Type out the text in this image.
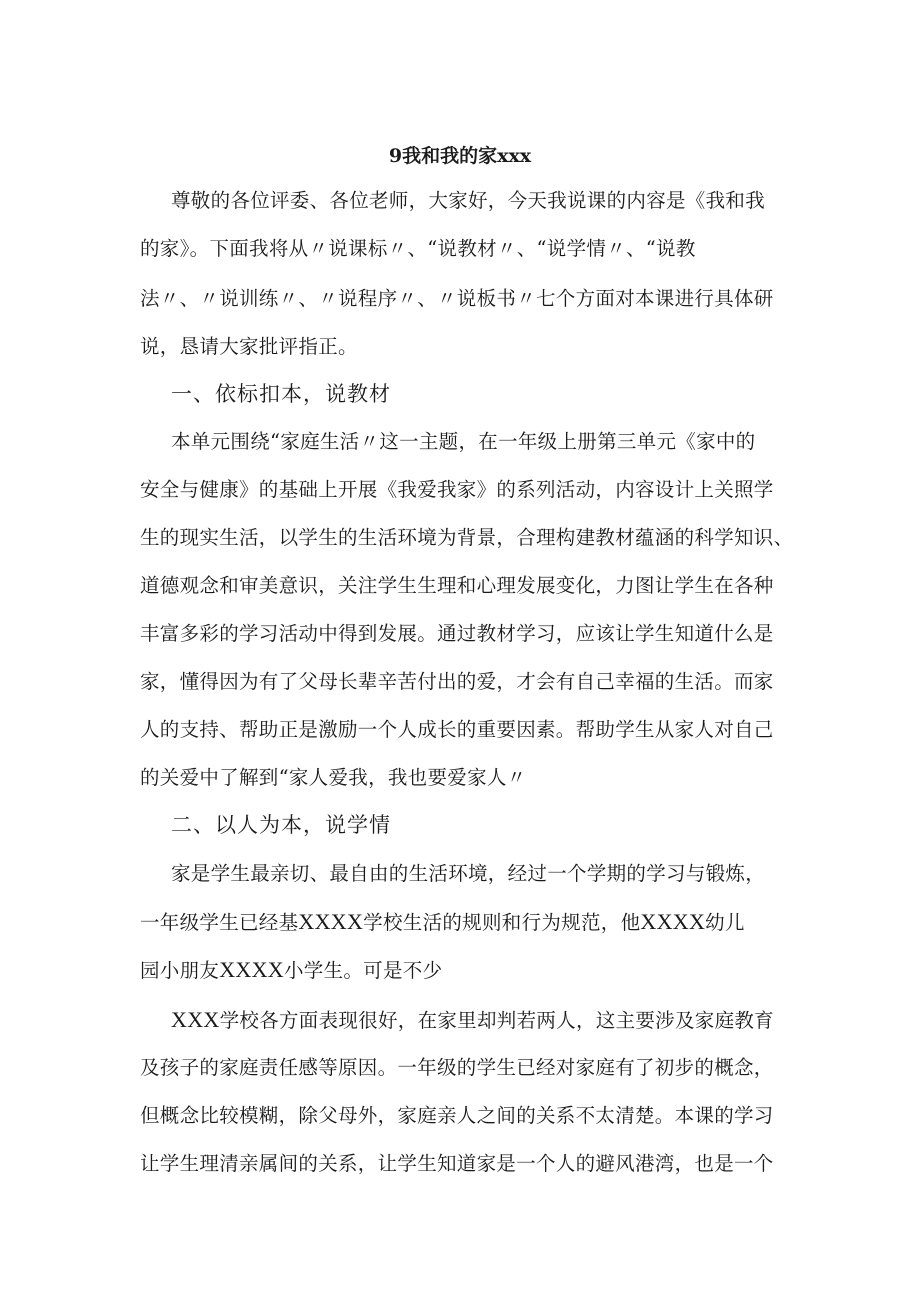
9我和我的家xxx
尊敬的各位评委、各位老师，大家好，今天我说课的内容是《我和我
的家》。下面我将从〃说课标〃、“说教材〃、“说学情〃、“说教
法〃、〃说训练〃、〃说程序〃、〃说板书〃七个方面对本课进行具体研
说，恳请大家批评指正。
一、依标扣本，说教材
本单元围绕“家庭生活〃这一主题，在一年级上册第三单元《家中的
安全与健康》的基础上开展《我爱我家》的系列活动，内容设计上关照学
生的现实生活，以学生的生活环境为背景，合理构建教材蕴涵的科学知识、
道德观念和审美意识，关注学生生理和心理发展变化，力图让学生在各种
丰富多彩的学习活动中得到发展。通过教材学习，应该让学生知道什么是
家，懂得因为有了父母长辈辛苦付出的爱，才会有自己幸福的生活。而家
人的支持、帮助正是激励一个人成长的重要因素。帮助学生从家人对自己
的关爱中了解到“家人爱我，我也要爱家人〃
二、以人为本，说学情
家是学生最亲切、最自由的生活环境，经过一个学期的学习与锻炼，
一年级学生已经基XXXX学校生活的规则和行为规范，他XXXX幼儿
园小朋友XXXX小学生。可是不少
XXX学校各方面表现很好，在家里却判若两人，这主要涉及家庭教育
及孩子的家庭责任感等原因。一年级的学生已经对家庭有了初步的概念，
但概念比较模糊，除父母外，家庭亲人之间的关系不太清楚。本课的学习
让学生理清亲属间的关系，让学生知道家是一个人的避风港湾，也是一个
